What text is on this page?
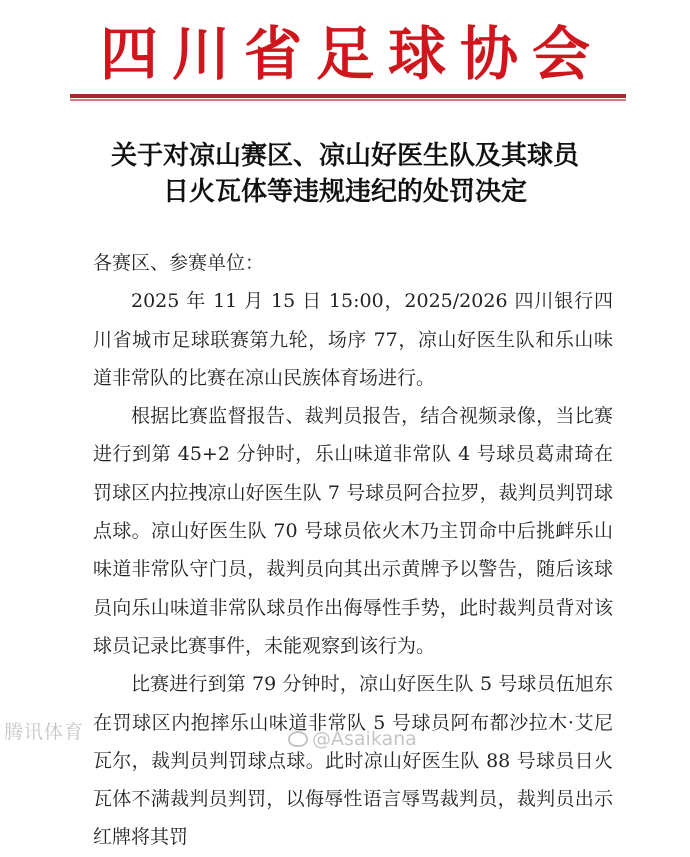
四川省足球协会
关于对凉山赛区、凉山好医生队及其球员
日火瓦体等违规违纪的处罚决定

各赛区、参赛单位：

2025 年 11 月 15 日 15:00，2025/2026 四川银行四川省城市足球联赛第九轮，场序 77，凉山好医生队和乐山味道非常队的比赛在凉山民族体育场进行。

根据比赛监督报告、裁判员报告，结合视频录像，当比赛进行到第 45+2 分钟时，乐山味道非常队 4 号球员葛肃琦在罚球区内拉拽凉山好医生队 7 号球员阿合拉罗，裁判员判罚球点球。凉山好医生队 70 号球员依火木乃主罚命中后挑衅乐山味道非常队守门员，裁判员向其出示黄牌予以警告，随后该球员向乐山味道非常队球员作出侮辱性手势，此时裁判员背对该球员记录比赛事件，未能观察到该行为。

比赛进行到第 79 分钟时，凉山好医生队 5 号球员伍旭东在罚球区内抱摔乐山味道非常队 5 号球员阿布都沙拉木·艾尼瓦尔，裁判员判罚球点球。此时凉山好医生队 88 号球员日火瓦体不满裁判员判罚，以侮辱性语言辱骂裁判员，裁判员出示红牌将其罚

腾讯体育	@Asaikana
